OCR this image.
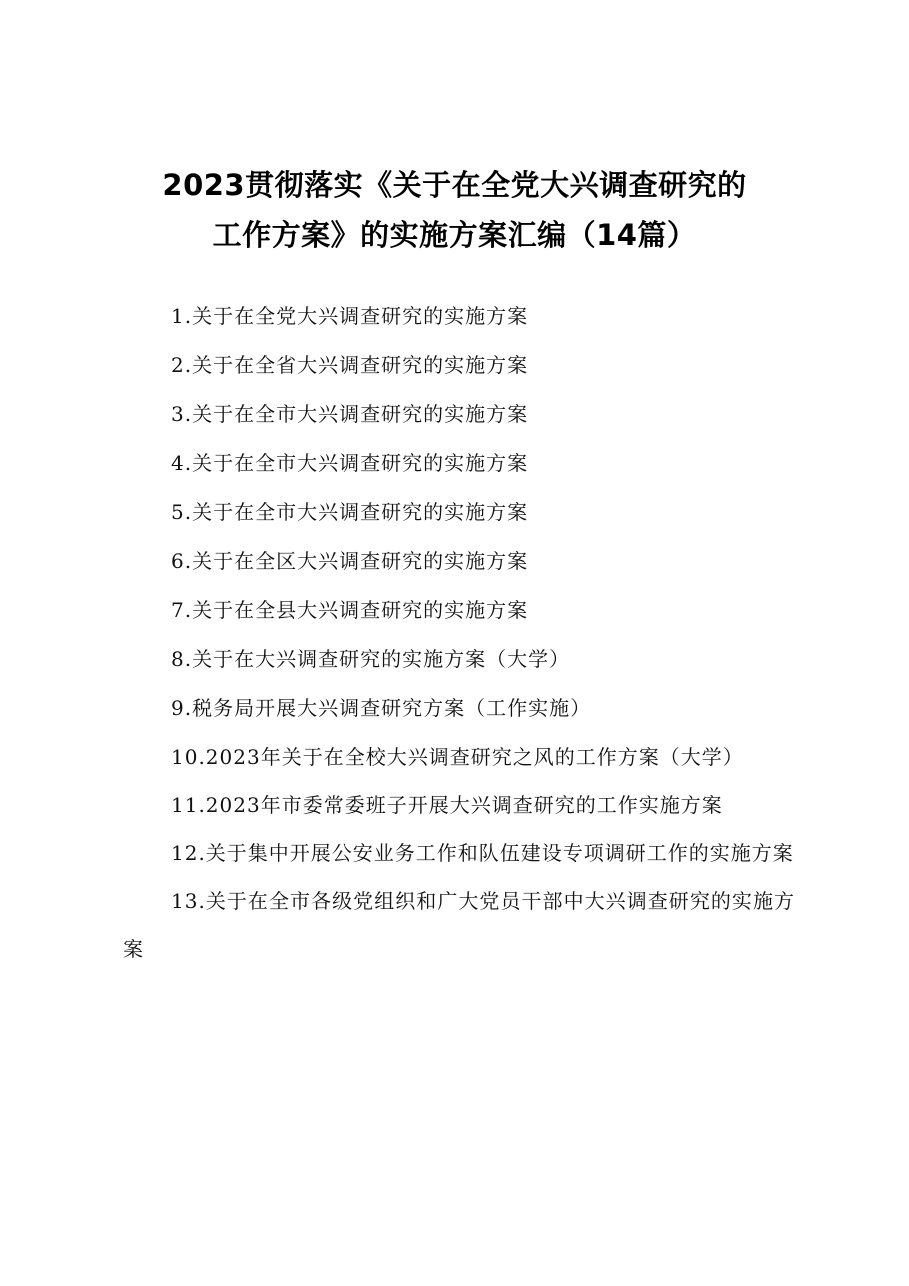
2023贯彻落实《关于在全党大兴调查研究的
工作方案》的实施方案汇编（14篇）
1.关于在全党大兴调查研究的实施方案
2.关于在全省大兴调查研究的实施方案
3.关于在全市大兴调查研究的实施方案
4.关于在全市大兴调查研究的实施方案
5.关于在全市大兴调查研究的实施方案
6.关于在全区大兴调查研究的实施方案
7.关于在全县大兴调查研究的实施方案
8.关于在大兴调查研究的实施方案（大学）
9.税务局开展大兴调查研究方案（工作实施）
10.2023年关于在全校大兴调查研究之风的工作方案（大学）
11.2023年市委常委班子开展大兴调查研究的工作实施方案
12.关于集中开展公安业务工作和队伍建设专项调研工作的实施方案
13.关于在全市各级党组织和广大党员干部中大兴调查研究的实施方案
